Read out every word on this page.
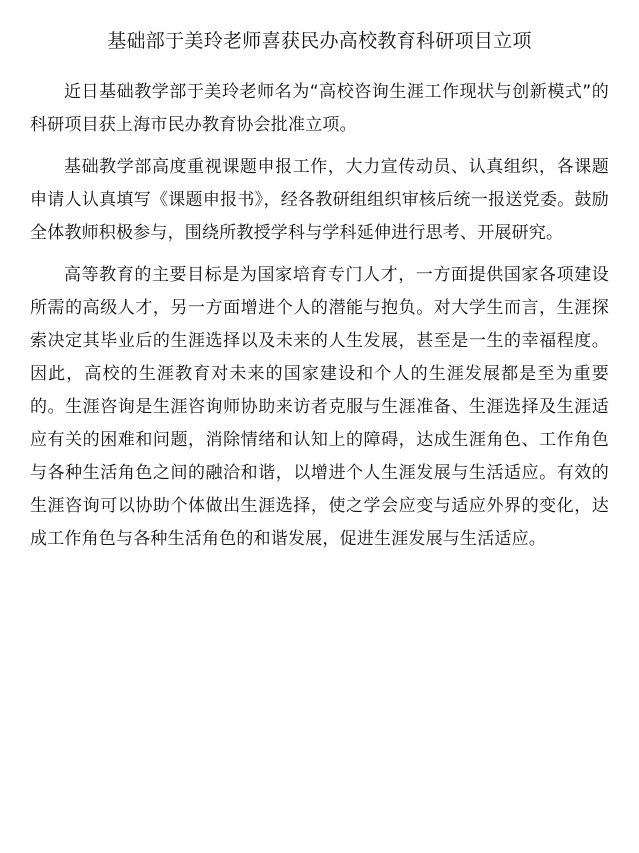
基础部于美玲老师喜获民办高校教育科研项目立项

近日基础教学部于美玲老师名为“高校咨询生涯工作现状与创新模式”的科研项目获上海市民办教育协会批准立项。

基础教学部高度重视课题申报工作，大力宣传动员、认真组织，各课题申请人认真填写《课题申报书》，经各教研组组织审核后统一报送党委。鼓励全体教师积极参与，围绕所教授学科与学科延伸进行思考、开展研究。

高等教育的主要目标是为国家培育专门人才，一方面提供国家各项建设所需的高级人才，另一方面增进个人的潜能与抱负。对大学生而言，生涯探索决定其毕业后的生涯选择以及未来的人生发展，甚至是一生的幸福程度。因此，高校的生涯教育对未来的国家建设和个人的生涯发展都是至为重要的。生涯咨询是生涯咨询师协助来访者克服与生涯准备、生涯选择及生涯适应有关的困难和问题，消除情绪和认知上的障碍，达成生涯角色、工作角色与各种生活角色之间的融洽和谐，以增进个人生涯发展与生活适应。有效的生涯咨询可以协助个体做出生涯选择，使之学会应变与适应外界的变化，达成工作角色与各种生活角色的和谐发展，促进生涯发展与生活适应。
